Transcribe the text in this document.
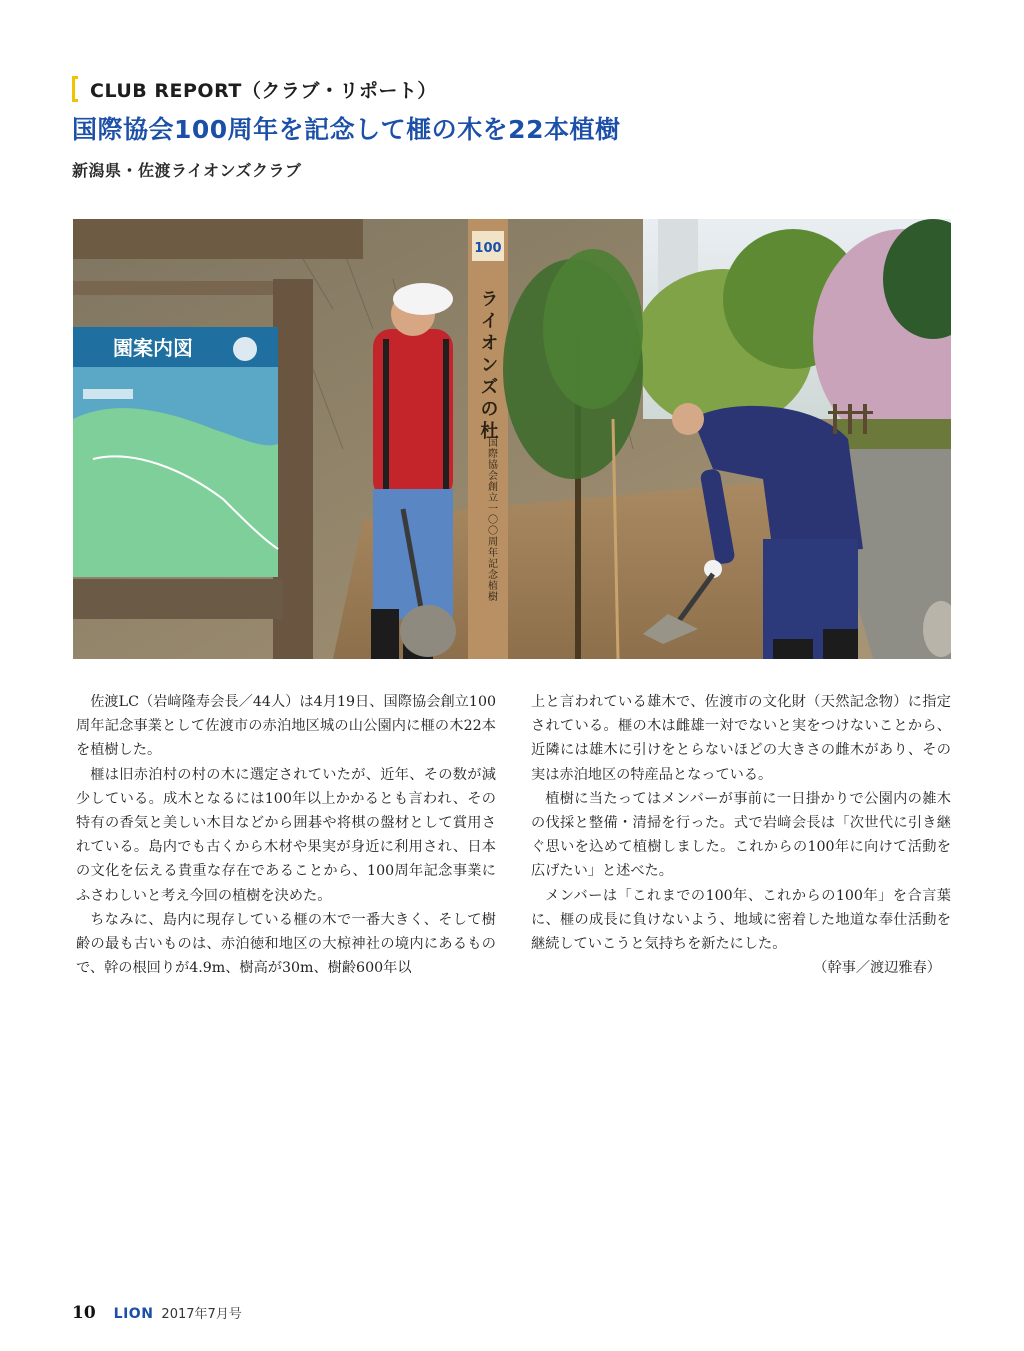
CLUB REPORT（クラブ・リポート）
国際協会100周年を記念して榧の木を22本植樹
新潟県・佐渡ライオンズクラブ
園案内図
100
ライオンズの杜
国際協会創立一〇〇周年記念植樹

佐渡LC（岩﨑隆寿会長／44人）は4月19日、国際協会創立100周年記念事業として佐渡市の赤泊地区城の山公園内に榧の木22本を植樹した。

榧は旧赤泊村の村の木に選定されていたが、近年、その数が減少している。成木となるには100年以上かかるとも言われ、その特有の香気と美しい木目などから囲碁や将棋の盤材として賞用されている。島内でも古くから木材や果実が身近に利用され、日本の文化を伝える貴重な存在であることから、100周年記念事業にふさわしいと考え今回の植樹を決めた。

ちなみに、島内に現存している榧の木で一番大きく、そして樹齢の最も古いものは、赤泊徳和地区の大椋神社の境内にあるもので、幹の根回りが4.9m、樹高が30m、樹齢600年以

上と言われている雄木で、佐渡市の文化財（天然記念物）に指定されている。榧の木は雌雄一対でないと実をつけないことから、近隣には雄木に引けをとらないほどの大きさの雌木があり、その実は赤泊地区の特産品となっている。

植樹に当たってはメンバーが事前に一日掛かりで公園内の雑木の伐採と整備・清掃を行った。式で岩﨑会長は「次世代に引き継ぐ思いを込めて植樹しました。これからの100年に向けて活動を広げたい」と述べた。

メンバーは「これまでの100年、これからの100年」を合言葉に、榧の成長に負けないよう、地域に密着した地道な奉仕活動を継続していこうと気持ちを新たにした。

（幹事／渡辺雅春）

10 LION 2017年7月号
